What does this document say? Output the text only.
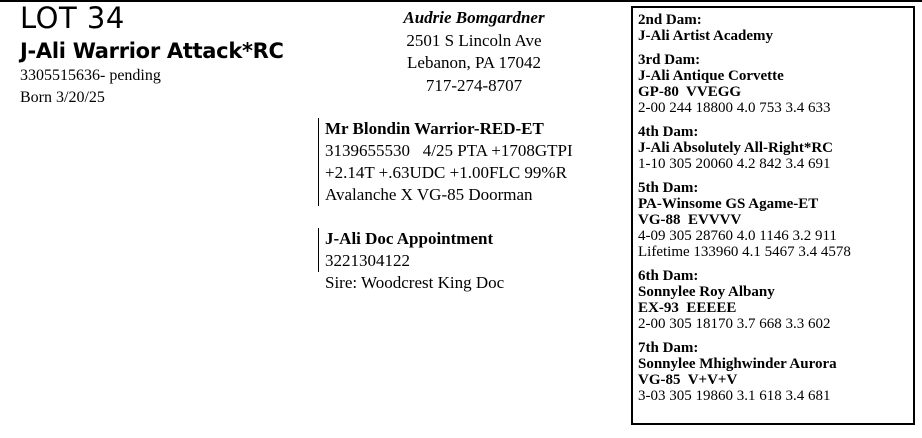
LOT 34
J-Ali Warrior Attack*RC
3305515636- pending
Born 3/20/25
Audrie Bomgardner
2501 S Lincoln Ave
Lebanon, PA 17042
717-274-8707
Mr Blondin Warrior-RED-ET
3139655530   4/25 PTA +1708GTPI
+2.14T +.63UDC +1.00FLC 99%R
Avalanche X VG-85 Doorman
J-Ali Doc Appointment
3221304122
Sire: Woodcrest King Doc
2nd Dam:
J-Ali Artist Academy
3rd Dam:
J-Ali Antique Corvette
GP-80  VVEGG
2-00 244 18800 4.0 753 3.4 633
4th Dam:
J-Ali Absolutely All-Right*RC
1-10 305 20060 4.2 842 3.4 691
5th Dam:
PA-Winsome GS Agame-ET
VG-88  EVVVV
4-09 305 28760 4.0 1146 3.2 911
Lifetime 133960 4.1 5467 3.4 4578
6th Dam:
Sonnylee Roy Albany
EX-93  EEEEE
2-00 305 18170 3.7 668 3.3 602
7th Dam:
Sonnylee Mhighwinder Aurora
VG-85  V+V+V
3-03 305 19860 3.1 618 3.4 681
